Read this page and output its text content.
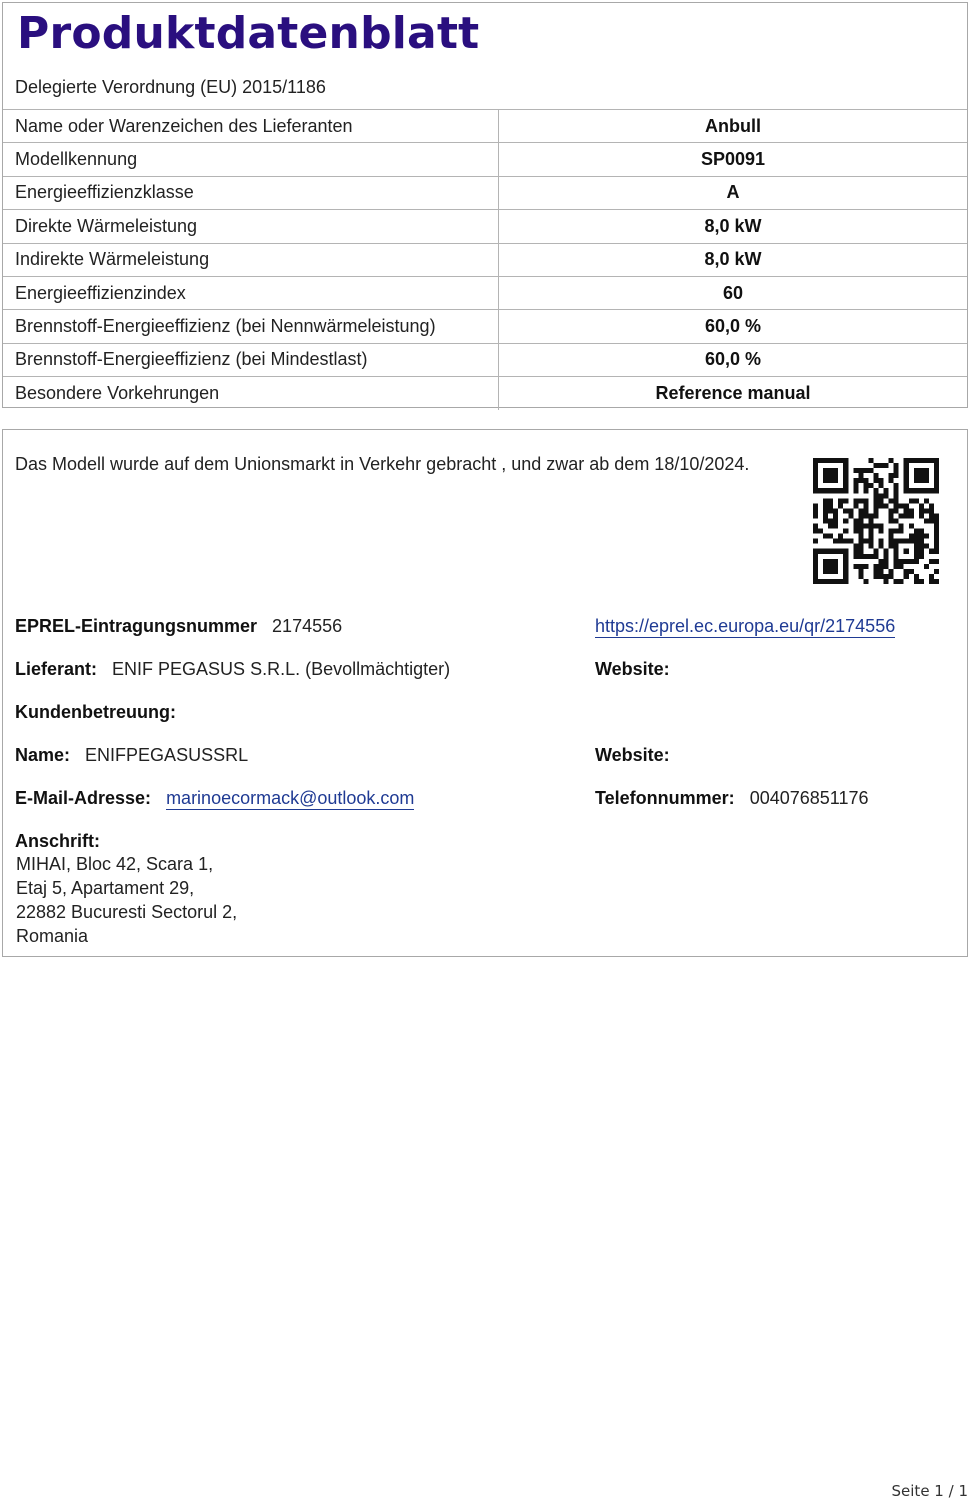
Produktdatenblatt
Delegierte Verordnung (EU) 2015/1186
Name oder Warenzeichen des Lieferanten	Anbull
Modellkennung	SP0091
Energieeffizienzklasse	A
Direkte Wärmeleistung	8,0 kW
Indirekte Wärmeleistung	8,0 kW
Energieeffizienzindex	60
Brennstoff-Energieeffizienz (bei Nennwärmeleistung)	60,0 %
Brennstoff-Energieeffizienz (bei Mindestlast)	60,0 %
Besondere Vorkehrungen	Reference manual
Das Modell wurde auf dem Unionsmarkt in Verkehr gebracht , und zwar ab dem 18/10/2024.
EPREL-Eintragungsnummer 2174556	https://eprel.ec.europa.eu/qr/2174556
Lieferant: ENIF PEGASUS S.R.L. (Bevollmächtigter)	Website:
Kundenbetreuung:
Name: ENIFPEGASUSSRL	Website:
E-Mail-Adresse: marinoecormack@outlook.com	Telefonnummer: 004076851176
Anschrift:
MIHAI, Bloc 42, Scara 1,
Etaj 5, Apartament 29,
22882 Bucuresti Sectorul 2,
Romania
Seite 1 / 1
